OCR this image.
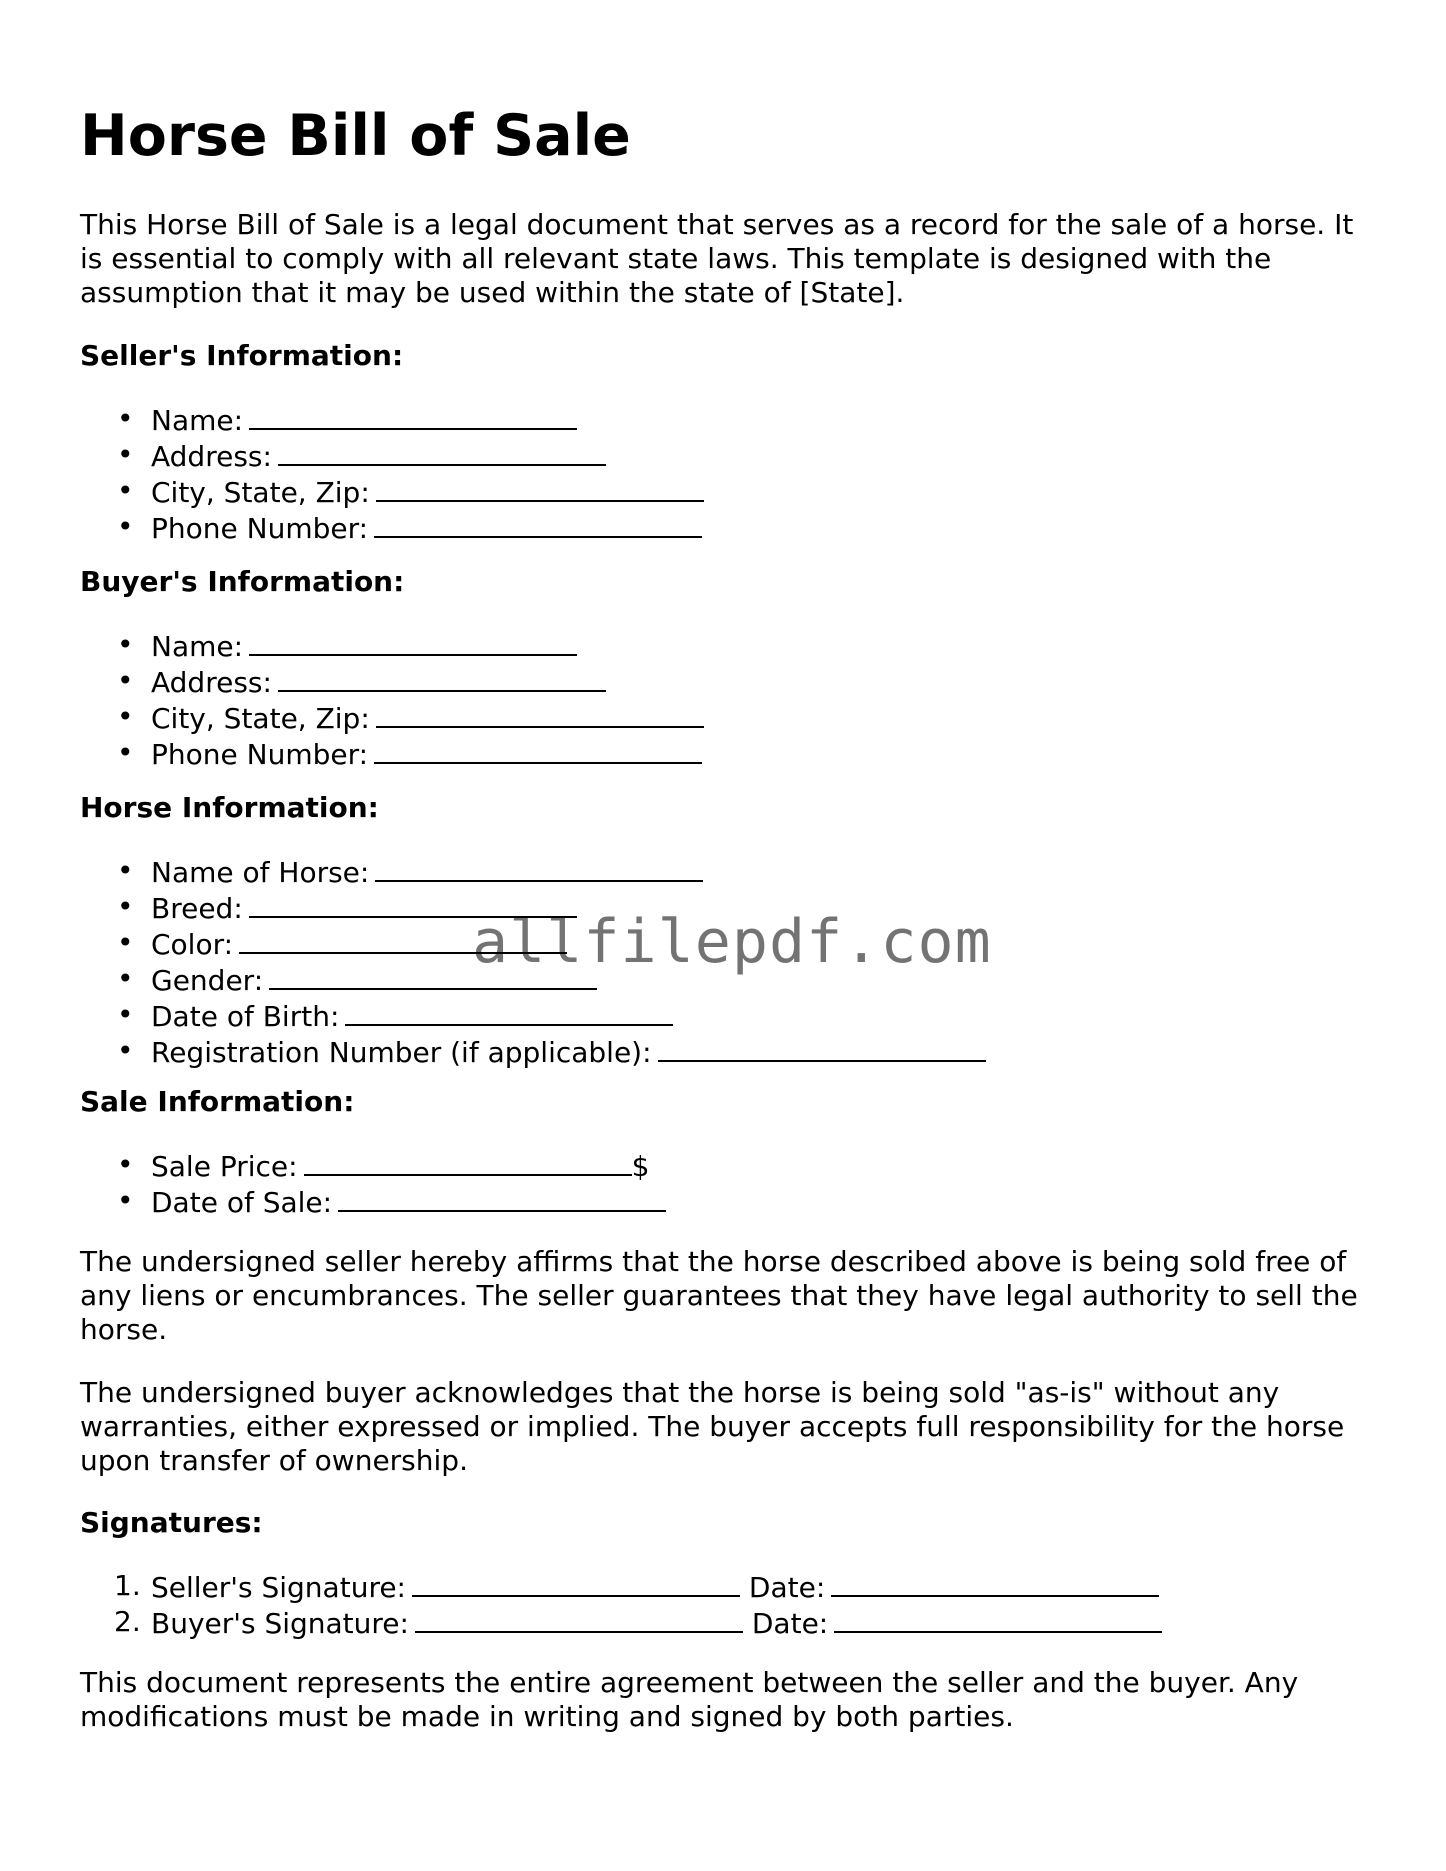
Horse Bill of Sale

This Horse Bill of Sale is a legal document that serves as a record for the sale of a horse. It is essential to comply with all relevant state laws. This template is designed with the assumption that it may be used within the state of [State].

Seller's Information:

• Name:
• Address:
• City, State, Zip:
• Phone Number:

Buyer's Information:

• Name:
• Address:
• City, State, Zip:
• Phone Number:

Horse Information:

• Name of Horse:
• Breed:
• Color:
• Gender:
• Date of Birth:
• Registration Number (if applicable):

Sale Information:

• Sale Price:	$
• Date of Sale:

The undersigned seller hereby affirms that the horse described above is being sold free of any liens or encumbrances. The seller guarantees that they have legal authority to sell the horse.

The undersigned buyer acknowledges that the horse is being sold "as-is" without any warranties, either expressed or implied. The buyer accepts full responsibility for the horse upon transfer of ownership.

Signatures:

1. Seller's Signature:	Date:
2. Buyer's Signature:	Date:

This document represents the entire agreement between the seller and the buyer. Any modifications must be made in writing and signed by both parties.

allfilepdf.com
